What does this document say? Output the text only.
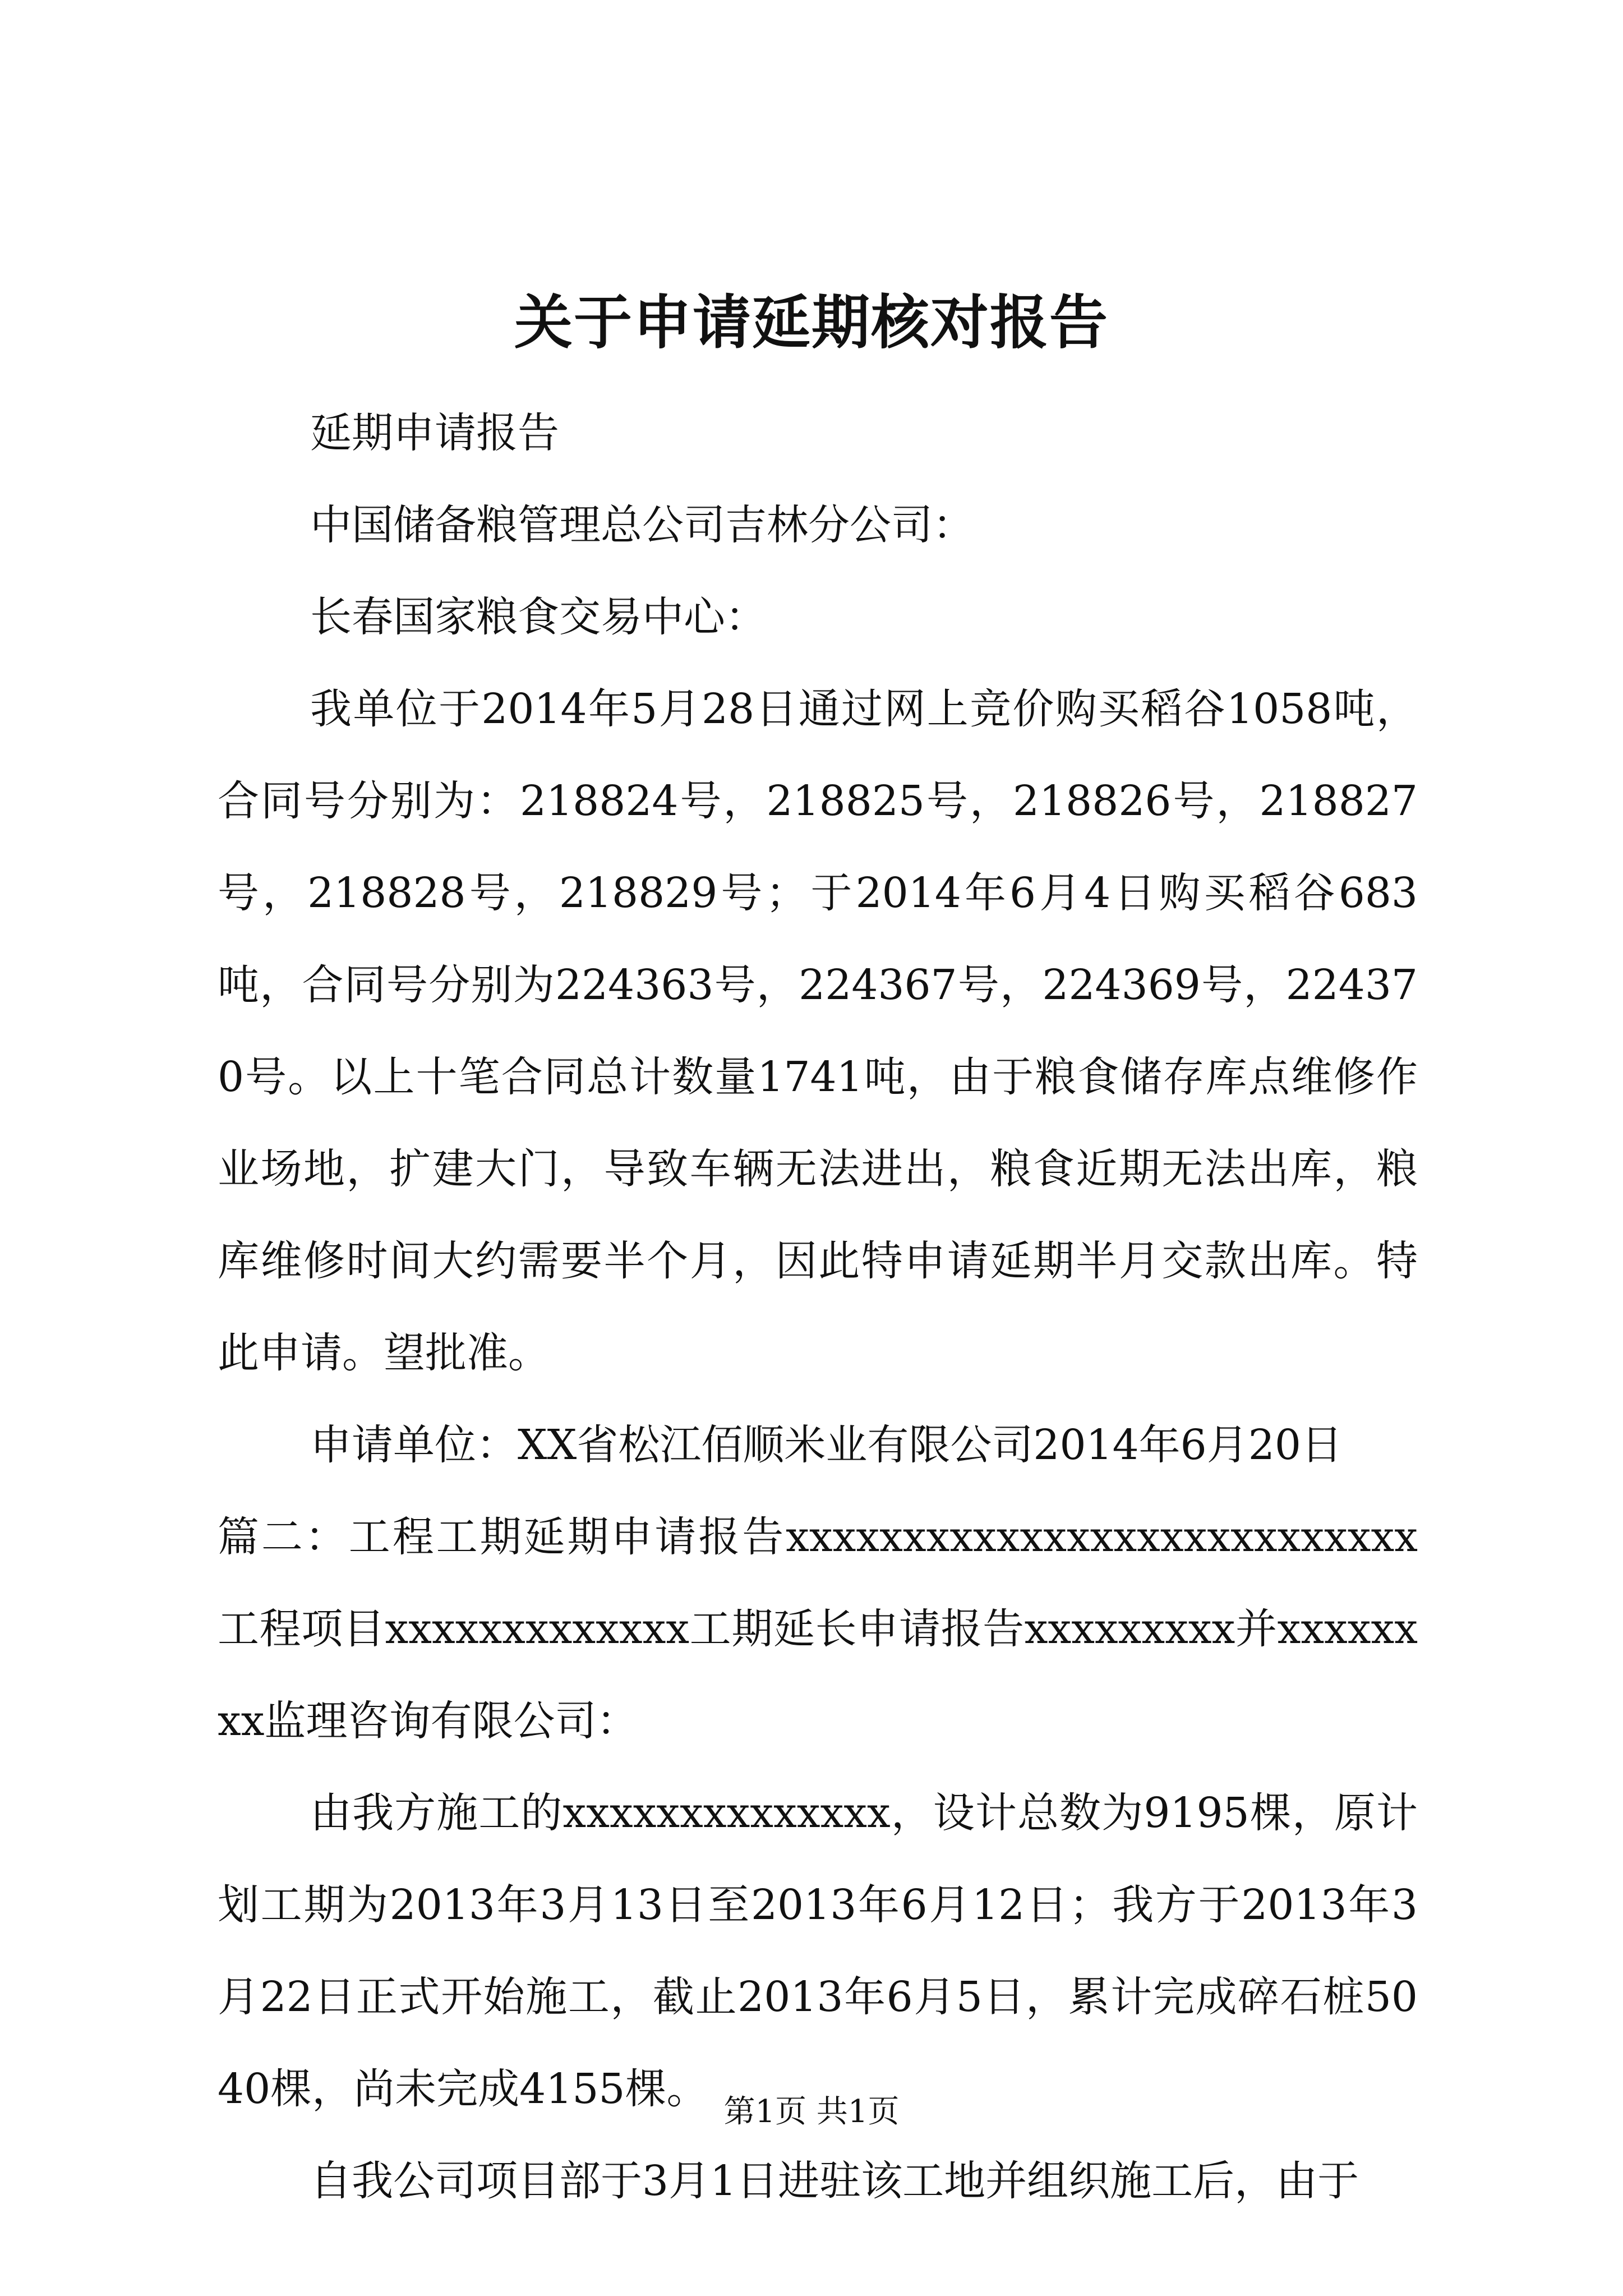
关于申请延期核对报告

延期申请报告

中国储备粮管理总公司吉林分公司：

长春国家粮食交易中心：

我单位于2014年5月28日通过网上竞价购买稻谷1058吨，合同号分别为：218824号，218825号，218826号，218827号，218828号，218829号；于2014年6月4日购买稻谷683吨，合同号分别为224363号，224367号，224369号，224370号。以上十笔合同总计数量1741吨，由于粮食储存库点维修作业场地，扩建大门，导致车辆无法进出，粮食近期无法出库，粮库维修时间大约需要半个月，因此特申请延期半月交款出库。特此申请。望批准。

申请单位：XX省松江佰顺米业有限公司2014年6月20日

篇二：工程工期延期申请报告xxxxxxxxxxxxxxxxxxxxxxxxxxx工程项目xxxxxxxxxxxxx工期延长申请报告xxxxxxxxx并xxxxxxxx监理咨询有限公司：

由我方施工的xxxxxxxxxxxxxx，设计总数为9195棵，原计划工期为2013年3月13日至2013年6月12日；我方于2013年3月22日正式开始施工，截止2013年6月5日，累计完成碎石桩5040棵，尚未完成4155棵。

自我公司项目部于3月1日进驻该工地并组织施工后，由于

第1页 共1页
